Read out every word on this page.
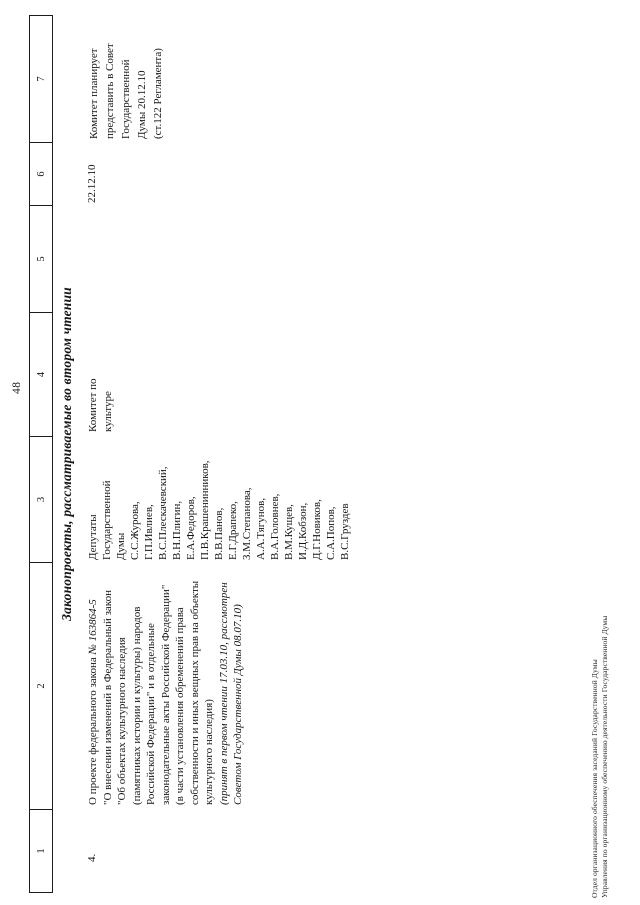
48
1
2
3
4
5
6
7
Законопроекты, рассматриваемые во втором чтении
4.
О проекте федерального закона № 163864-5 "О внесении изменений в Федеральный закон "Об объектах культурного наследия (памятниках истории и культуры) народов Российской Федерации" и в отдельные законодательные акты Российской Федерации" (в части установления обременений права собственности и иных вещных прав на объекты культурного наследия) (принят в первом чтении 17.03.10, рассмотрен Советом Государственной Думы 08.07.10)
Депутаты Государственной Думы С.С.Журова, Г.П.Ивлиев, В.С.Плескачевский, В.Н.Плигин, Е.А.Федоров, П.В.Крашенинников, В.В.Панов, Е.Г.Драпеко, З.М.Степанова, А.А.Тягунов, В.А.Головнев, В.М.Кущев, И.Д.Кобзон, Д.Г.Новиков, С.А.Попов, В.С.Груздев
Комитет по культуре
22.12.10
Комитет планирует представить в Совет Государственной Думы 20.12.10 (ст.122 Регламента)
Отдел организационного обеспечения заседаний Государственной Думы Управления по организационному обеспечению деятельности Государственной Думы
